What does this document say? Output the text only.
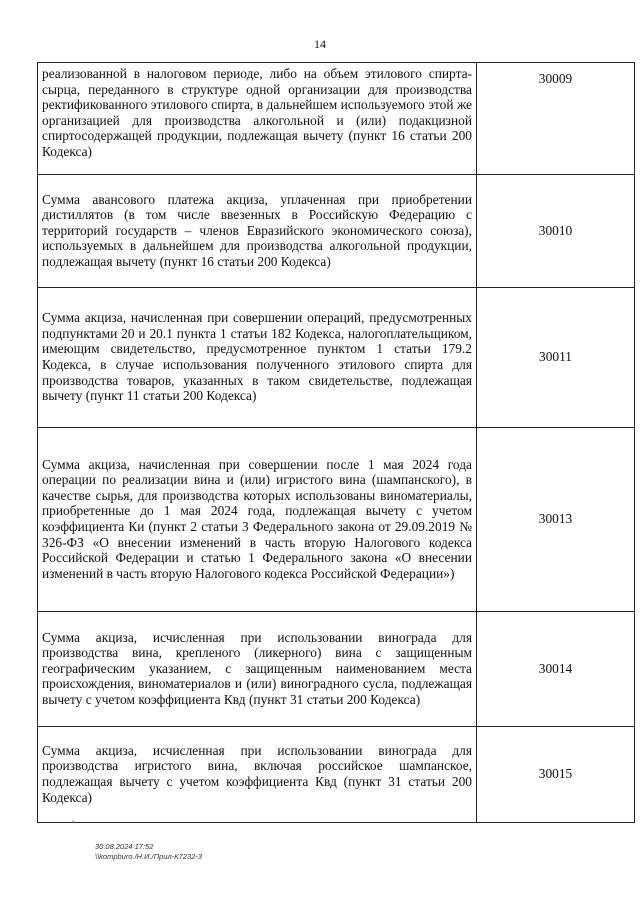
14
реализованной в налоговом периоде, либо на объем этилового спирта-сырца, переданного в структуре одной организации для производства ректификованного этилового спирта, в дальнейшем используемого этой же организацией для производства алкогольной и (или) подакцизной спиртосодержащей продукции, подлежащая вычету (пункт 16 статьи 200 Кодекса)	30009
Сумма авансового платежа акциза, уплаченная при приобретении дистиллятов (в том числе ввезенных в Российскую Федерацию с территорий государств – членов Евразийского экономического союза), используемых в дальнейшем для производства алкогольной продукции, подлежащая вычету (пункт 16 статьи 200 Кодекса)	30010
Сумма акциза, начисленная при совершении операций, предусмотренных подпунктами 20 и 20.1 пункта 1 статьи 182 Кодекса, налогоплательщиком, имеющим свидетельство, предусмотренное пунктом 1 статьи 179.2 Кодекса, в случае использования полученного этилового спирта для производства товаров, указанных в таком свидетельстве, подлежащая вычету (пункт 11 статьи 200 Кодекса)	30011
Сумма акциза, начисленная при совершении после 1 мая 2024 года операции по реализации вина и (или) игристого вина (шампанского), в качестве сырья, для производства которых использованы виноматериалы, приобретенные до 1 мая 2024 года, подлежащая вычету с учетом коэффициента Ки (пункт 2 статьи 3 Федерального закона от 29.09.2019 № 326-ФЗ «О внесении изменений в часть вторую Налогового кодекса Российской Федерации и статью 1 Федерального закона «О внесении изменений в часть вторую Налогового кодекса Российской Федерации»)	30013
Сумма акциза, исчисленная при использовании винограда для производства вина, крепленого (ликерного) вина с защищенным географическим указанием, с защищенным наименованием места происхождения, виноматериалов и (или) виноградного сусла, подлежащая вычету с учетом коэффициента Квд (пункт 31 статьи 200 Кодекса)	30014
Сумма акциза, исчисленная при использовании винограда для производства игристого вина, включая российское шампанское, подлежащая вычету с учетом коэффициента Квд (пункт 31 статьи 200 Кодекса)	30015
ƨ
30.08.2024 17:52
\\kompburo /Н.И./Прил-К7232-3
